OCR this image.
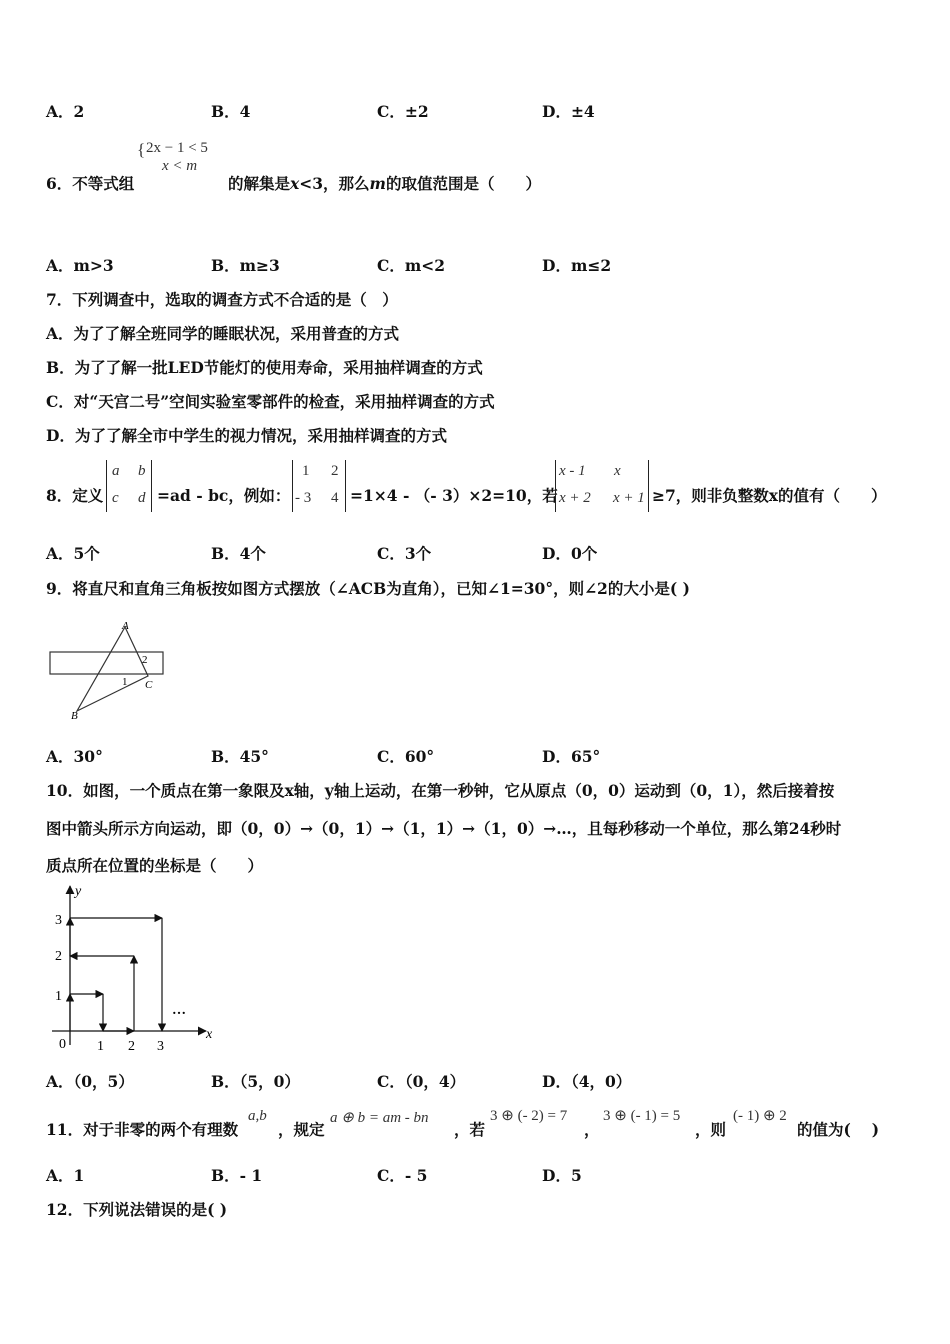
A．2	B．4	C．±2	D．±4
{ 2x − 1 < 5
x < m
6．不等式组	的解集是x<3，那么m的取值范围是（　　）
A．m>3	B．m≥3	C．m<2	D．m≤2
7．下列调查中，选取的调查方式不合适的是（　）
A．为了了解全班同学的睡眠状况，采用普查的方式
B．为了了解一批LED节能灯的使用寿命，采用抽样调查的方式
C．对“天宫二号”空间实验室零部件的检查，采用抽样调查的方式
D．为了了解全市中学生的视力情况，采用抽样调查的方式
8．定义
a b
c d =ad - bc，例如：
1 2
- 3 4 =1×4 - （- 3）×2=10，若
x - 1 x
x + 2 x + 1 ≥7，则非负整数x的值有（　　）
A．5个	B．4个	C．3个	D．0个
9．将直尺和直角三角板按如图方式摆放（∠ACB为直角），已知∠1=30°，则∠2的大小是( )
A
B
C
1
2
A．30°	B．45°	C．60°	D．65°
10．如图，一个质点在第一象限及x轴，y轴上运动，在第一秒钟，它从原点（0，0）运动到（0，1），然后接着按
图中箭头所示方向运动，即（0，0）→（0，1）→（1，1）→（1，0）→…，且每秒移动一个单位，那么第24秒时
质点所在位置的坐标是（　　）
y
x
0 1 2 3
1
2
3
…
A．（0，5）	B．（5，0）	C．（0，4）	D．（4，0）
11．对于非零的两个有理数
a,b
，规定
a ⊕ b = am - bn
，若
3 ⊕ (- 2) = 7
，
3 ⊕ (- 1) = 5
，则
(- 1) ⊕ 2
的值为(　 )
A．1	B．- 1	C．- 5	D．5
12．下列说法错误的是( )
